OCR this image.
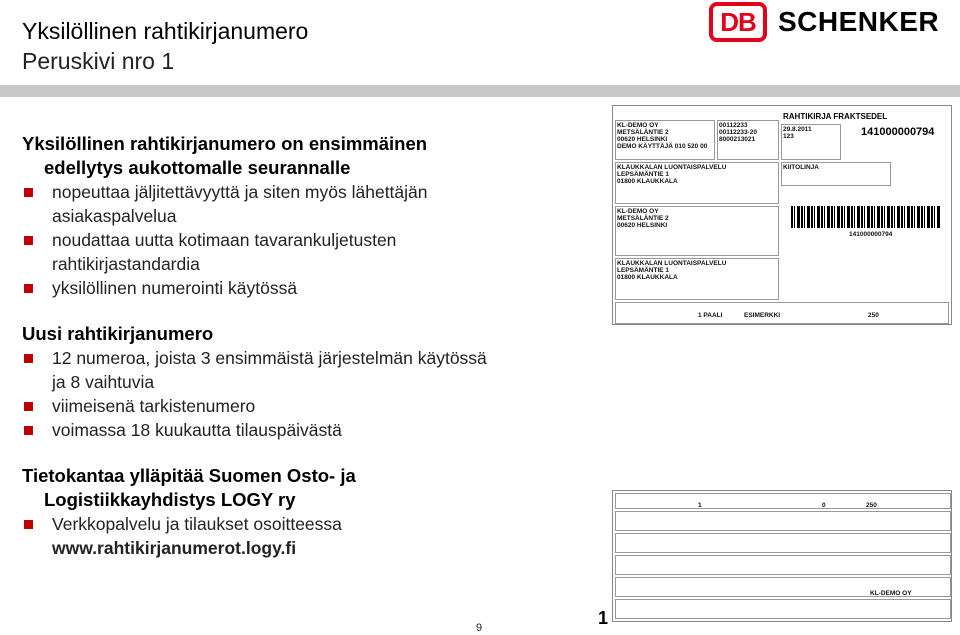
Yksilöllinen rahtikirjanumero
Peruskivi nro 1
DB SCHENKER
Yksilöllinen rahtikirjanumero on ensimmäinen
edellytys aukottomalle seurannalle
nopeuttaa jäljitettävyyttä ja siten myös lähettäjän
asiakaspalvelua
noudattaa uutta kotimaan tavarankuljetusten
rahtikirjastandardia
yksilöllinen numerointi käytössä
Uusi rahtikirjanumero
12 numeroa, joista 3 ensimmäistä järjestelmän käytössä
ja 8 vaihtuvia
viimeisenä tarkistenumero
voimassa 18 kuukautta tilauspäivästä
Tietokantaa ylläpitää Suomen Osto- ja
Logistiikkayhdistys LOGY ry
Verkkopalvelu ja tilaukset osoitteessa
www.rahtikirjanumerot.logy.fi
KL-DEMO OY
METSÄLÄNTIE 2
00620 HELSINKI
DEMO KÄYTTÄJÄ 010 520 00
00112233
00112233-20
8000213021
RAHTIKIRJA FRAKTSEDEL
29.8.2011
123	141000000794
KLAUKKALAN LUONTAISPALVELU
LEPSÄMÄNTIE 1
01800 KLAUKKALA
KIITOLINJA
KL-DEMO OY
METSÄLÄNTIE 2
00620 HELSINKI
141000000794
KLAUKKALAN LUONTAISPALVELU
LEPSÄMÄNTIE 1
01800 KLAUKKALA
1 PAALI	ESIMERKKI	250
1	0	250
KL-DEMO OY
1
9
